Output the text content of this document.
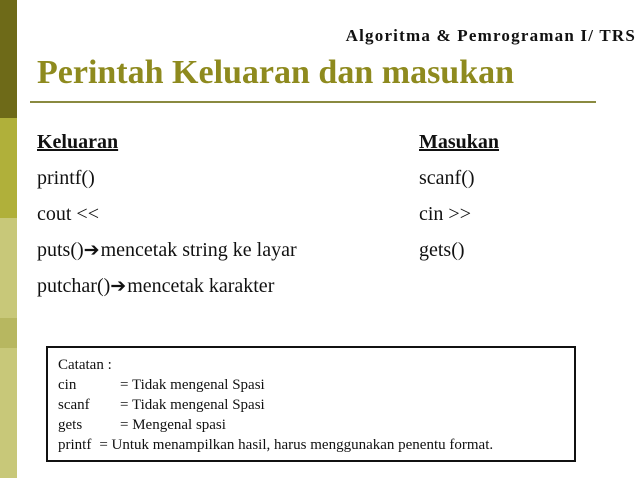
Algoritma & Pemrograman I/ TRS
Perintah Keluaran dan masukan
Keluaran
printf()
cout <<
puts()➔mencetak string ke layar
putchar()➔mencetak karakter
Masukan
scanf()
cin >>
gets()
Catatan :
cin	= Tidak mengenal Spasi
scanf = Tidak mengenal Spasi
gets	= Mengenal spasi
printf = Untuk menampilkan hasil, harus menggunakan penentu format.
